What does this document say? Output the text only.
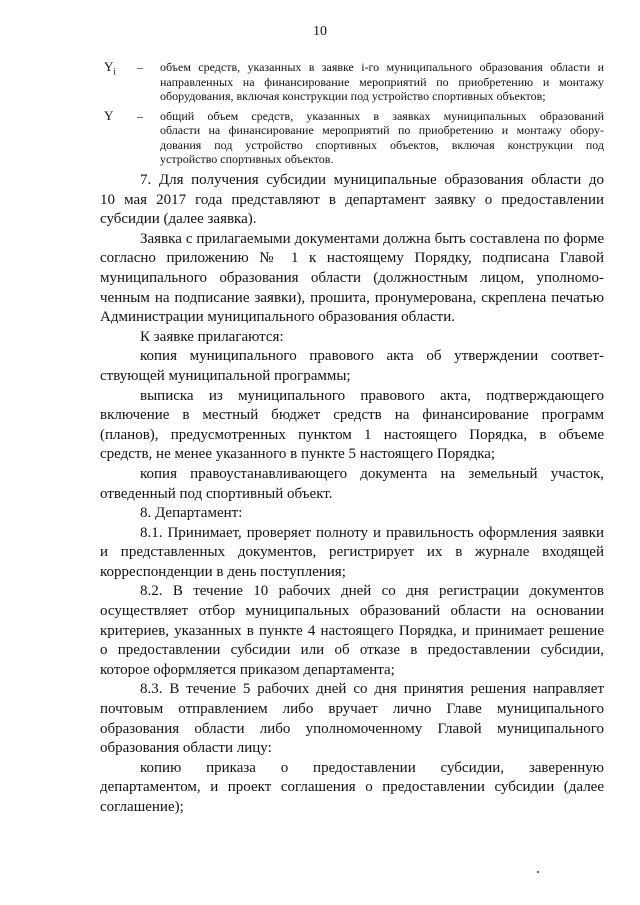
10
$Y_i$ – объем средств, указанных в заявке i-го муниципального образования области и
направленных на финансирование мероприятий по приобретению и монтажу
оборудования, включая конструкции под устройство спортивных объектов;
Y – общий объем средств, указанных в заявках муниципальных образований
области на финансирование мероприятий по приобретению и монтажу обору-
дования под устройство спортивных объектов, включая конструкции под
устройство спортивных объектов.
7. Для получения субсидии муниципальные образования области до
10 мая 2017 года представляют в департамент заявку о предоставлении
субсидии (далее заявка).
Заявка с прилагаемыми документами должна быть составлена по форме
согласно приложению № 1 к настоящему Порядку, подписана Главой
муниципального образования области (должностным лицом, уполномо-
ченным на подписание заявки), прошита, пронумерована, скреплена печатью
Администрации муниципального образования области.
К заявке прилагаются:
копия муниципального правового акта об утверждении соответ-
ствующей муниципальной программы;
выписка из муниципального правового акта, подтверждающего
включение в местный бюджет средств на финансирование программ
(планов), предусмотренных пунктом 1 настоящего Порядка, в объеме
средств, не менее указанного в пункте 5 настоящего Порядка;
копия правоустанавливающего документа на земельный участок,
отведенный под спортивный объект.
8. Департамент:
8.1. Принимает, проверяет полноту и правильность оформления заявки
и представленных документов, регистрирует их в журнале входящей
корреспонденции в день поступления;
8.2. В течение 10 рабочих дней со дня регистрации документов
осуществляет отбор муниципальных образований области на основании
критериев, указанных в пункте 4 настоящего Порядка, и принимает решение
о предоставлении субсидии или об отказе в предоставлении субсидии,
которое оформляется приказом департамента;
8.3. В течение 5 рабочих дней со дня принятия решения направляет
почтовым отправлением либо вручает лично Главе муниципального
образования области либо уполномоченному Главой муниципального
образования области лицу:
копию приказа о предоставлении субсидии, заверенную
департаментом, и проект соглашения о предоставлении субсидии (далее
соглашение);
